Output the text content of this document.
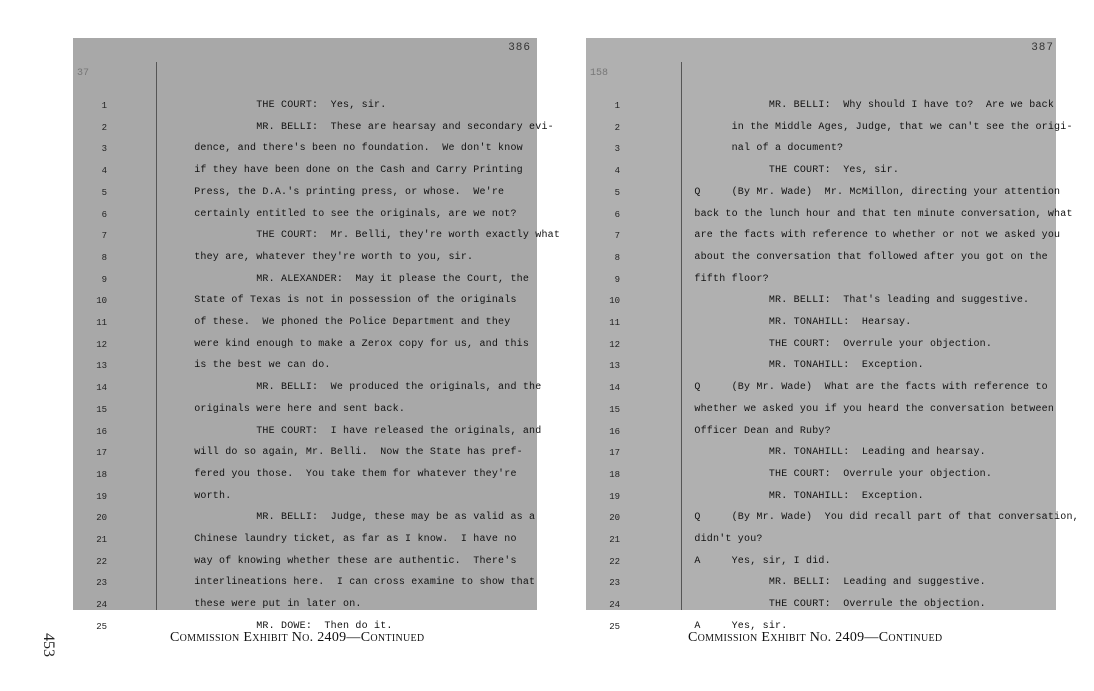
453
386
37
1	THE COURT:  Yes, sir.
2	MR. BELLI:  These are hearsay and secondary evi-
3	dence, and there's been no foundation.  We don't know
4	if they have been done on the Cash and Carry Printing
5	Press, the D.A.'s printing press, or whose.  We're
6	certainly entitled to see the originals, are we not?
7	THE COURT:  Mr. Belli, they're worth exactly what
8	they are, whatever they're worth to you, sir.
9	MR. ALEXANDER:  May it please the Court, the
10	State of Texas is not in possession of the originals
11	of these.  We phoned the Police Department and they
12	were kind enough to make a Zerox copy for us, and this
13	is the best we can do.
14	MR. BELLI:  We produced the originals, and the
15	originals were here and sent back.
16	THE COURT:  I have released the originals, and
17	will do so again, Mr. Belli.  Now the State has pref-
18	fered you those.  You take them for whatever they're
19	worth.
20	MR. BELLI:  Judge, these may be as valid as a
21	Chinese laundry ticket, as far as I know.  I have no
22	way of knowing whether these are authentic.  There's
23	interlineations here.  I can cross examine to show that
24	these were put in later on.
25	MR. DOWE:  Then do it.
387
158
1	MR. BELLI:  Why should I have to?  Are we back
2	in the Middle Ages, Judge, that we can't see the origi-
3	nal of a document?
4	THE COURT:  Yes, sir.
5	Q     (By Mr. Wade)  Mr. McMillon, directing your attention
6	back to the lunch hour and that ten minute conversation, what
7	are the facts with reference to whether or not we asked you
8	about the conversation that followed after you got on the
9	fifth floor?
10	MR. BELLI:  That's leading and suggestive.
11	MR. TONAHILL:  Hearsay.
12	THE COURT:  Overrule your objection.
13	MR. TONAHILL:  Exception.
14	Q     (By Mr. Wade)  What are the facts with reference to
15	whether we asked you if you heard the conversation between
16	Officer Dean and Ruby?
17	MR. TONAHILL:  Leading and hearsay.
18	THE COURT:  Overrule your objection.
19	MR. TONAHILL:  Exception.
20	Q     (By Mr. Wade)  You did recall part of that conversation,
21	didn't you?
22	A     Yes, sir, I did.
23	MR. BELLI:  Leading and suggestive.
24	THE COURT:  Overrule the objection.
25	A     Yes, sir.
Commission Exhibit No. 2409—Continued	Commission Exhibit No. 2409—Continued
